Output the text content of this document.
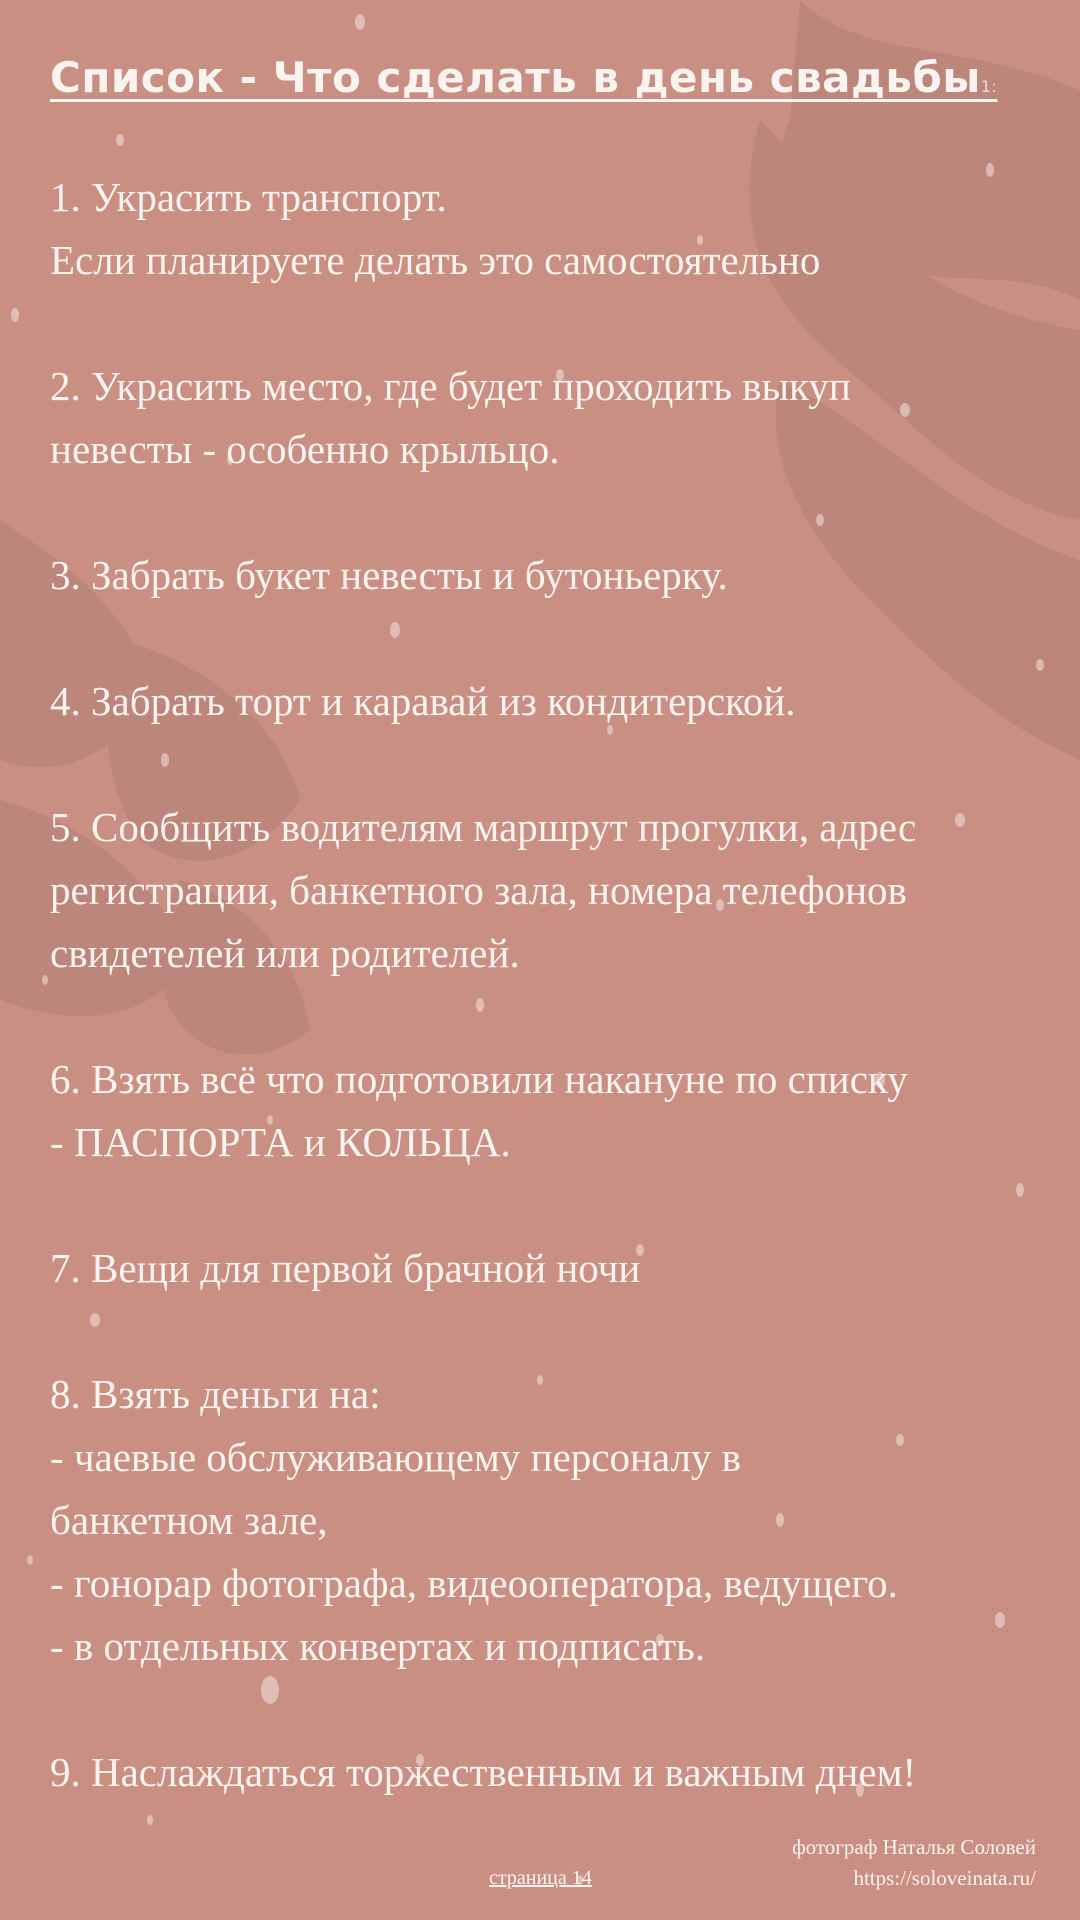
Список - Что сделать в день свадьбы1:
1. Украсить транспорт.
Если планируете делать это самостоятельно
2. Украсить место, где будет проходить выкуп
невесты - особенно крыльцо.
3. Забрать букет невесты и бутоньерку.
4. Забрать торт и каравай из кондитерской.
5. Сообщить водителям маршрут прогулки, адрес
регистрации, банкетного зала, номера телефонов
свидетелей или родителей.
6. Взять всё что подготовили накануне по списку
- ПАСПОРТА и КОЛЬЦА.
7. Вещи для первой брачной ночи
8. Взять деньги на:
- чаевые обслуживающему персоналу в
банкетном зале,
- гонорар фотографа, видеооператора, ведущего.
- в отдельных конвертах и подписать.
9. Наслаждаться торжественным и важным днем!
фотограф Наталья Соловей
https://soloveinata.ru/
страница 14
